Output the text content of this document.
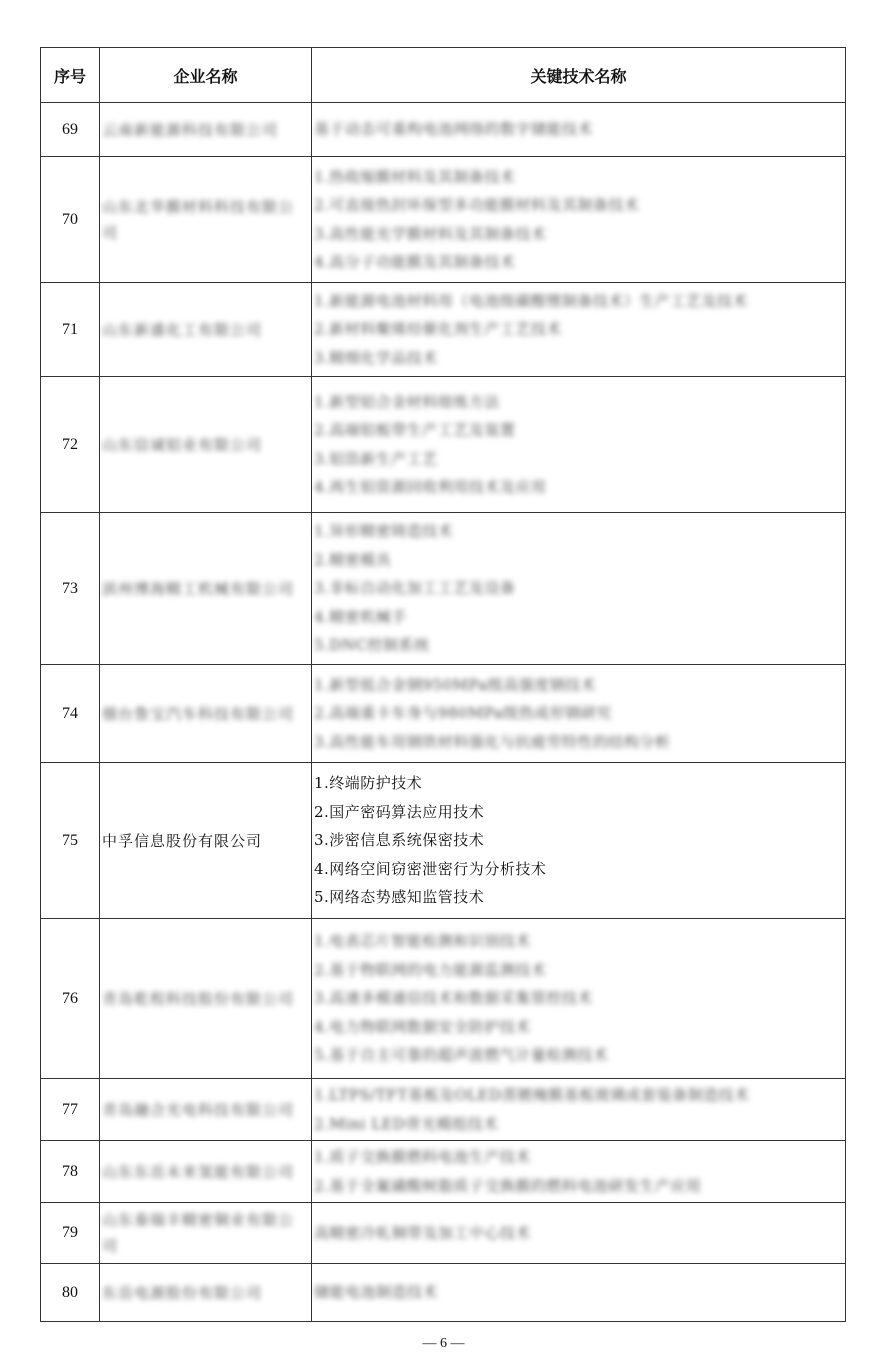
序号	企业名称	关键技术名称
69	云南新能源科技有限公司	基于动态可重构电池网络的数字储能技术

70	山东北华膜材料科技有限公司	1.热收缩膜材料及其制备技术
2.可直接热封环保型多功能膜材料及其制备技术
3.高性能光学膜材料及其制备技术
4.高分子功能膜及其制备技术

71	山东新盛化工有限公司	1.新能源电池材料用（电池级碳酸锂制备技术）生产工艺及技术
2.新材料聚烯烃催化剂生产工艺技术
3.精细化学品技术

72	山东信诚铝业有限公司	1.新型铝合金材料熔炼方法
2.高端铝板带生产工艺及装置
3.铝箔新生产工艺
4.再生铝资源回收利用技术及应用

73	滨州博海精工机械有限公司	1.异形精密铸造技术
2.精密模具
3.非标自动化加工工艺及设备
4.精密机械手
5.DNC控制系统

74	烟台鲁宝汽车科技有限公司	1.新型低合金钢950MPa级高强度钢技术
2.高端重卡车身与980MPa级热成形钢研究
3.高性能车用钢铁材料强化与抗疲劳特性的结构分析

75	中孚信息股份有限公司	1.终端防护技术
2.国产密码算法应用技术
3.涉密信息系统保密技术
4.网络空间窃密泄密行为分析技术
5.网络态势感知监管技术

76	青岛乾程科技股份有限公司	1.电表芯片智能检测和识别技术
2.基于物联网的电力能源监测技术
3.高速多模通信技术和数据采集管控技术
4.电力物联网数据安全防护技术
5.基于自主可靠的超声波燃气计量检测技术

77	青岛融合光电科技有限公司	1.LTPS/TFT基板及OLED蒸镀掩膜基板玻璃成套装备制造技术
2.Mini LED背光模组技术

78	山东东岳未来氢能有限公司	1.质子交换膜燃料电池生产技术
2.基于全氟磺酸树脂质子交换膜的燃料电池研发生产应用

79	山东泰瑞丰精密铜业有限公司	高精密冷轧铜带及加工中心技术

80	东岳电源股份有限公司	储能电池制造技术
— 6 —
